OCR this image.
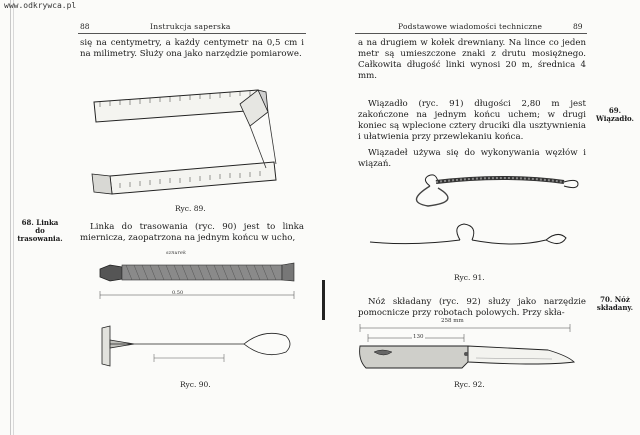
www.odkrywca.pl
88	Instrukcja saperska
się na centymetry, a każdy centymetr na 0,5 cm i na milimetry. Służy ona jako narzędzie pomiarowe.
Ryc. 89.
68. Linka do trasowania.
Linka do trasowania (ryc. 90) jest to linka miernicza, zaopatrzona na jednym końcu w ucho,
sznurek
0.50
Ryc. 90.
Podstawowe wiadomości techniczne	89
a na drugiem w kołek drewniany. Na lince co jeden metr są umieszczone znaki z drutu mosiężnego. Całkowita długość linki wynosi 20 m, średnica 4 mm.
69. Wiązadło.
Wiązadło (ryc. 91) długości 2,80 m jest zakończone na jednym końcu uchem; w drugi koniec są wplecione cztery druciki dla usztywnienia i ułatwienia przy przewlekaniu końca.
Wiązadeł używa się do wykonywania węzłów i wiązań.
Ryc. 91.
70. Nóż składany.
Nóż składany (ryc. 92) służy jako narzędzie pomocnicze przy robotach polowych. Przy skła-
258 mm
130
Ryc. 92.
